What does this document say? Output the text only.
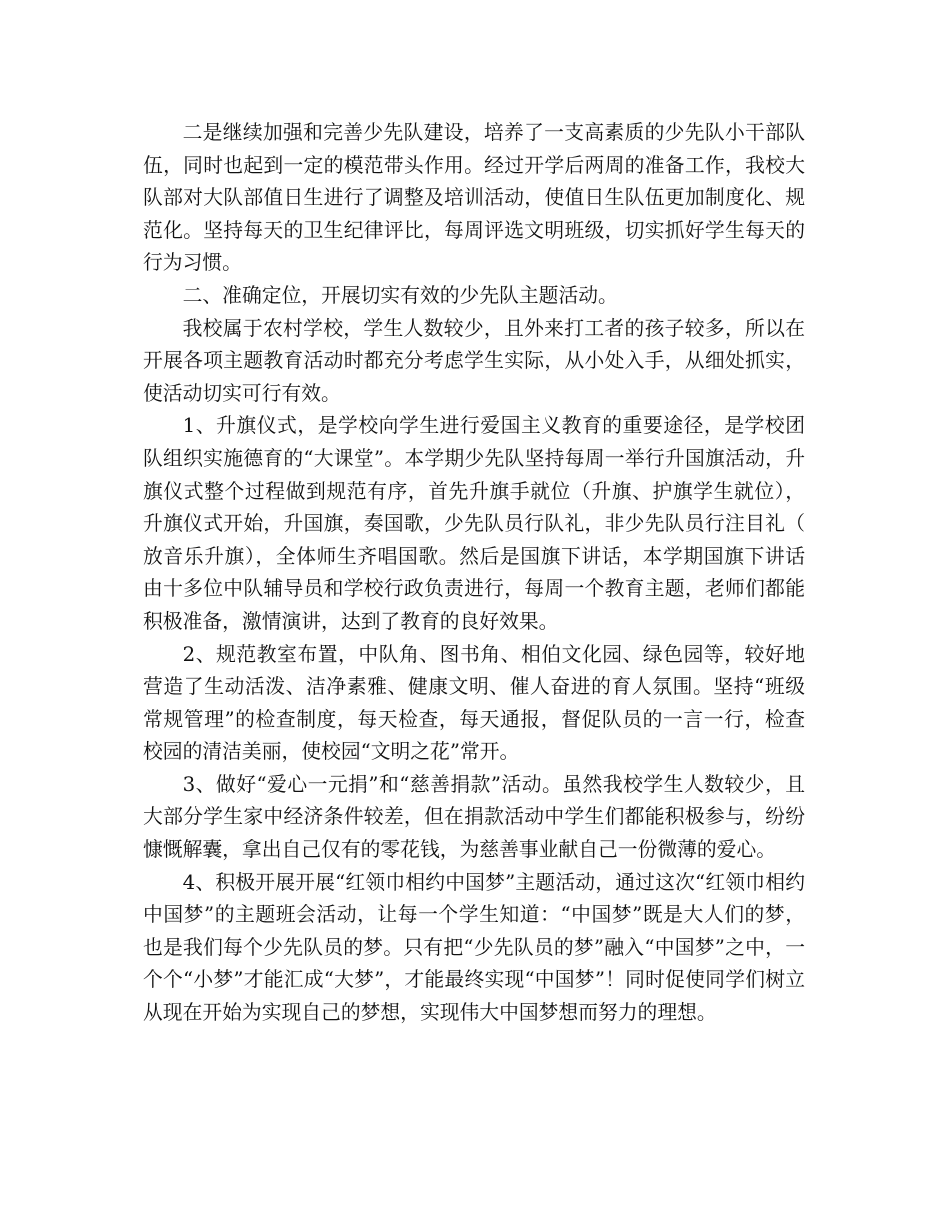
二是继续加强和完善少先队建设，培养了一支高素质的少先队小干部队伍，同时也起到一定的模范带头作用。经过开学后两周的准备工作，我校大队部对大队部值日生进行了调整及培训活动，使值日生队伍更加制度化、规范化。坚持每天的卫生纪律评比，每周评选文明班级，切实抓好学生每天的行为习惯。

二、准确定位，开展切实有效的少先队主题活动。

我校属于农村学校，学生人数较少，且外来打工者的孩子较多，所以在开展各项主题教育活动时都充分考虑学生实际，从小处入手，从细处抓实，使活动切实可行有效。

1、升旗仪式，是学校向学生进行爱国主义教育的重要途径，是学校团队组织实施德育的“大课堂”。本学期少先队坚持每周一举行升国旗活动，升旗仪式整个过程做到规范有序，首先升旗手就位（升旗、护旗学生就位），升旗仪式开始，升国旗，奏国歌，少先队员行队礼，非少先队员行注目礼（放音乐升旗），全体师生齐唱国歌。然后是国旗下讲话，本学期国旗下讲话由十多位中队辅导员和学校行政负责进行，每周一个教育主题，老师们都能积极准备，激情演讲，达到了教育的良好效果。

2、规范教室布置，中队角、图书角、相伯文化园、绿色园等，较好地营造了生动活泼、洁净素雅、健康文明、催人奋进的育人氛围。坚持“班级常规管理”的检查制度，每天检查，每天通报，督促队员的一言一行，检查校园的清洁美丽，使校园“文明之花”常开。

3、做好“爱心一元捐”和“慈善捐款”活动。虽然我校学生人数较少，且大部分学生家中经济条件较差，但在捐款活动中学生们都能积极参与，纷纷慷慨解囊，拿出自己仅有的零花钱，为慈善事业献自己一份微薄的爱心。

4、积极开展开展“红领巾相约中国梦”主题活动，通过这次“红领巾相约中国梦”的主题班会活动，让每一个学生知道：“中国梦”既是大人们的梦，也是我们每个少先队员的梦。只有把“少先队员的梦”融入“中国梦”之中，一个个“小梦”才能汇成“大梦”，才能最终实现“中国梦”！同时促使同学们树立从现在开始为实现自己的梦想，实现伟大中国梦想而努力的理想。
